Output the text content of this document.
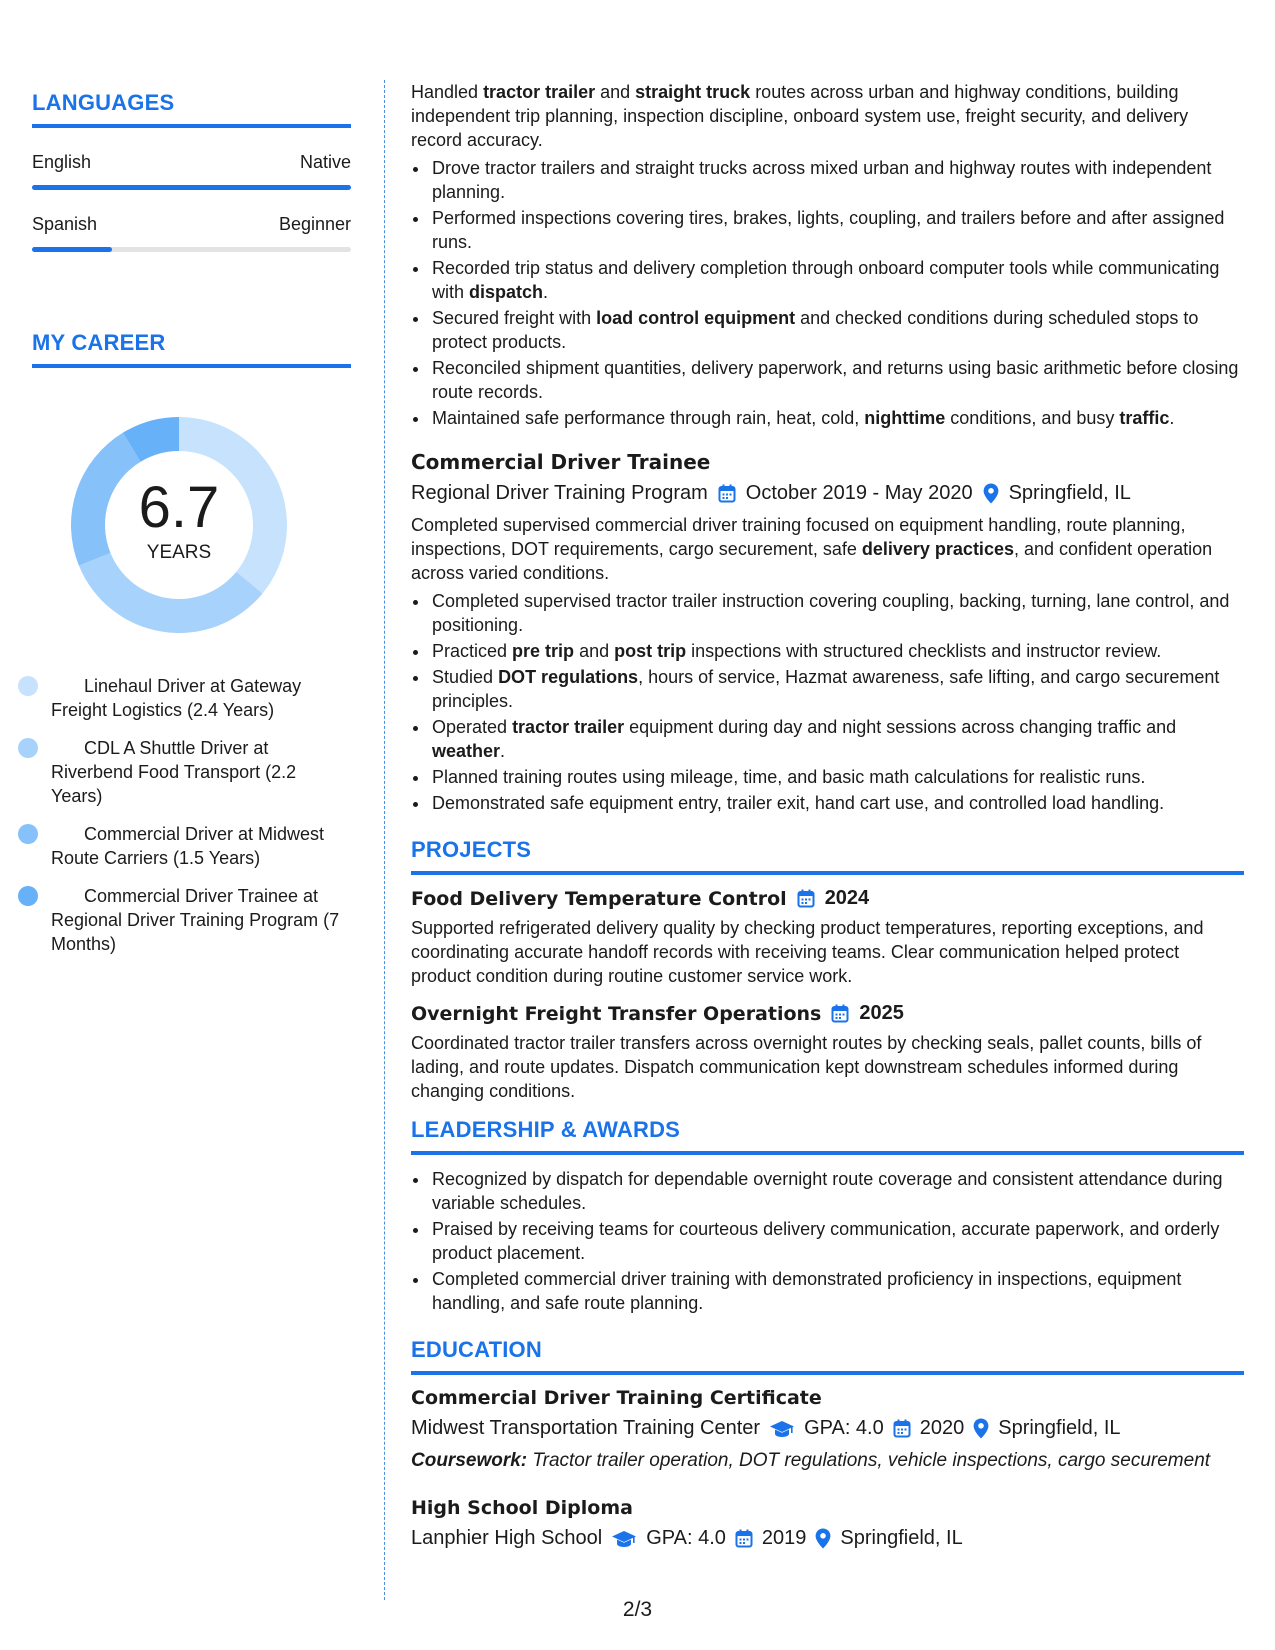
LANGUAGES
English	Native
Spanish	Beginner
MY CAREER
6.7
YEARS
Linehaul Driver at Gateway Freight Logistics (2.4 Years)
CDL A Shuttle Driver at Riverbend Food Transport (2.2 Years)
Commercial Driver at Midwest Route Carriers (1.5 Years)
Commercial Driver Trainee at Regional Driver Training Program (7 Months)

Handled tractor trailer and straight truck routes across urban and highway conditions, building independent trip planning, inspection discipline, onboard system use, freight security, and delivery record accuracy.

• Drove tractor trailers and straight trucks across mixed urban and highway routes with independent planning.
• Performed inspections covering tires, brakes, lights, coupling, and trailers before and after assigned runs.
• Recorded trip status and delivery completion through onboard computer tools while communicating with dispatch.
• Secured freight with load control equipment and checked conditions during scheduled stops to protect products.
• Reconciled shipment quantities, delivery paperwork, and returns using basic arithmetic before closing route records.
• Maintained safe performance through rain, heat, cold, nighttime conditions, and busy traffic.
Commercial Driver Trainee
Regional Driver Training Program October 2019 - May 2020 Springfield, IL

Completed supervised commercial driver training focused on equipment handling, route planning, inspections, DOT requirements, cargo securement, safe delivery practices, and confident operation across varied conditions.

• Completed supervised tractor trailer instruction covering coupling, backing, turning, lane control, and positioning.
• Practiced pre trip and post trip inspections with structured checklists and instructor review.
• Studied DOT regulations, hours of service, Hazmat awareness, safe lifting, and cargo securement principles.
• Operated tractor trailer equipment during day and night sessions across changing traffic and weather.
• Planned training routes using mileage, time, and basic math calculations for realistic runs.
• Demonstrated safe equipment entry, trailer exit, hand cart use, and controlled load handling.
PROJECTS
Food Delivery Temperature Control 2024

Supported refrigerated delivery quality by checking product temperatures, reporting exceptions, and coordinating accurate handoff records with receiving teams. Clear communication helped protect product condition during routine customer service work.

Overnight Freight Transfer Operations 2025

Coordinated tractor trailer transfers across overnight routes by checking seals, pallet counts, bills of lading, and route updates. Dispatch communication kept downstream schedules informed during changing conditions.

LEADERSHIP & AWARDS
• Recognized by dispatch for dependable overnight route coverage and consistent attendance during variable schedules.
• Praised by receiving teams for courteous delivery communication, accurate paperwork, and orderly product placement.
• Completed commercial driver training with demonstrated proficiency in inspections, equipment handling, and safe route planning.
EDUCATION
Commercial Driver Training Certificate
Midwest Transportation Training Center GPA: 4.0 2020 Springfield, IL

Coursework: Tractor trailer operation, DOT regulations, vehicle inspections, cargo securement

High School Diploma
Lanphier High School GPA: 4.0 2019 Springfield, IL
2/3
